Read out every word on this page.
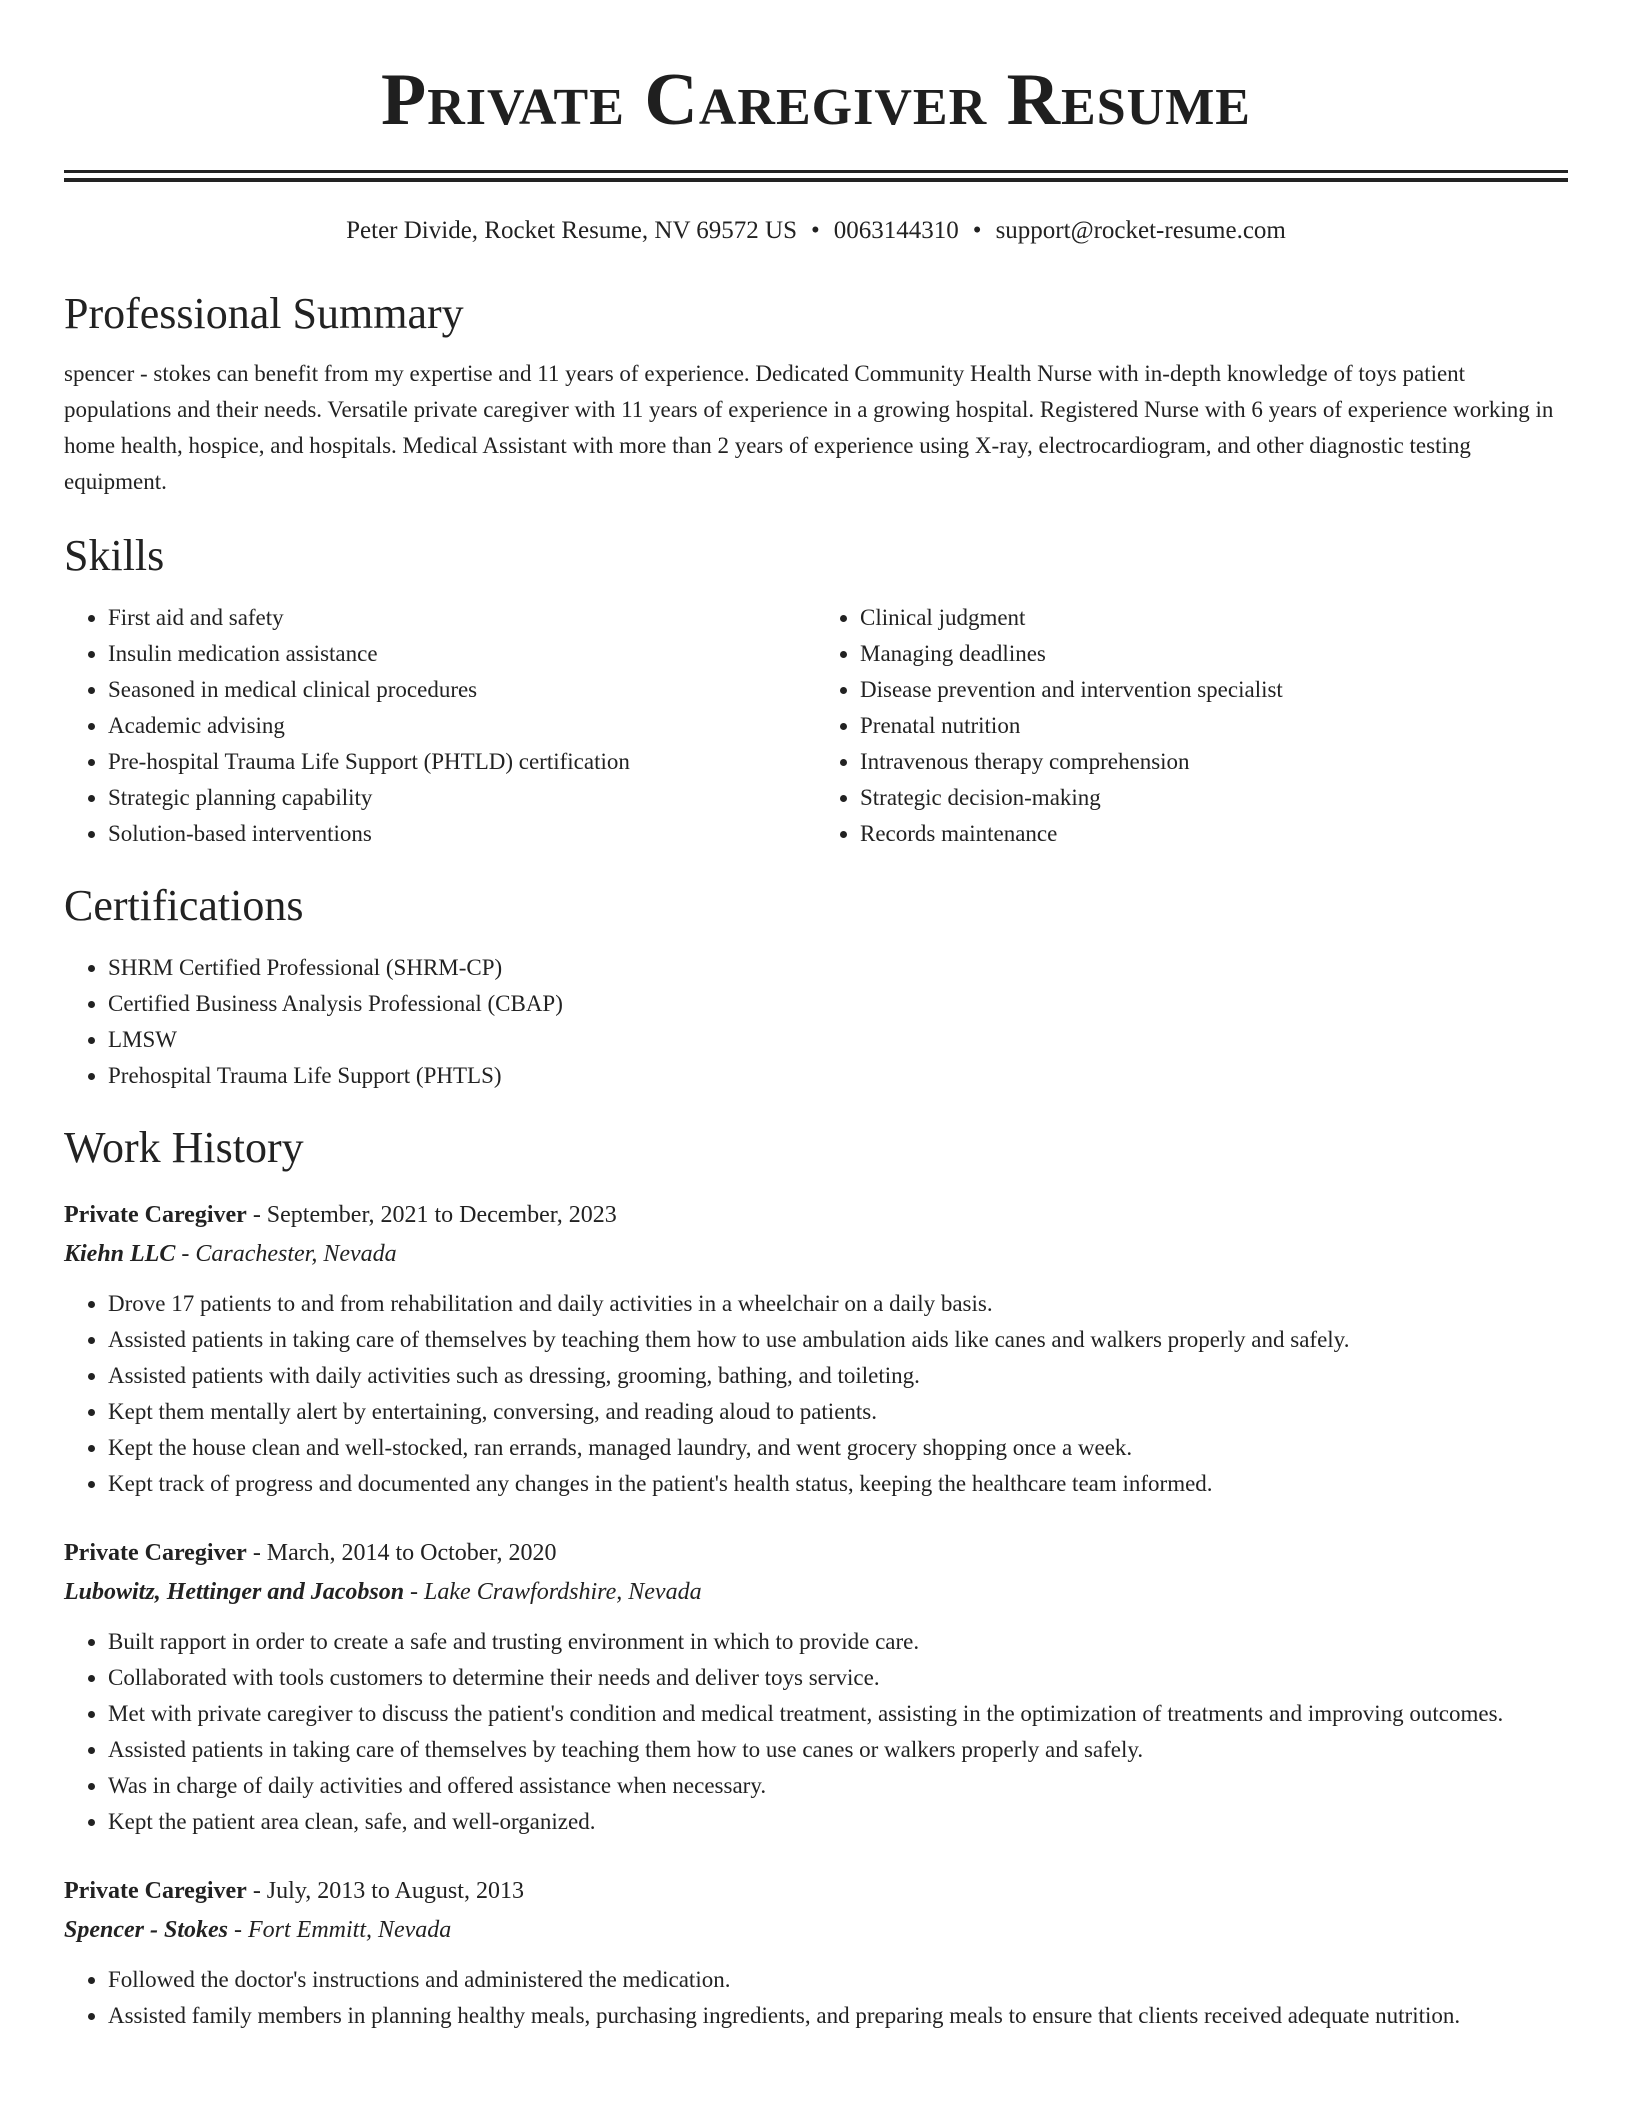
Private Caregiver Resume
Peter Divide, Rocket Resume, NV 69572 US • 0063144310 • support@rocket-resume.com
Professional Summary
spencer - stokes can benefit from my expertise and 11 years of experience. Dedicated Community Health Nurse with in-depth knowledge of toys patient populations and their needs. Versatile private caregiver with 11 years of experience in a growing hospital. Registered Nurse with 6 years of experience working in home health, hospice, and hospitals. Medical Assistant with more than 2 years of experience using X-ray, electrocardiogram, and other diagnostic testing equipment.
Skills
• First aid and safety
• Insulin medication assistance
• Seasoned in medical clinical procedures
• Academic advising
• Pre-hospital Trauma Life Support (PHTLD) certification
• Strategic planning capability
• Solution-based interventions
• Clinical judgment
• Managing deadlines
• Disease prevention and intervention specialist
• Prenatal nutrition
• Intravenous therapy comprehension
• Strategic decision-making
• Records maintenance
Certifications
• SHRM Certified Professional (SHRM-CP)
• Certified Business Analysis Professional (CBAP)
• LMSW
• Prehospital Trauma Life Support (PHTLS)
Work History
Private Caregiver - September, 2021 to December, 2023
Kiehn LLC - Carachester, Nevada
• Drove 17 patients to and from rehabilitation and daily activities in a wheelchair on a daily basis.
• Assisted patients in taking care of themselves by teaching them how to use ambulation aids like canes and walkers properly and safely.
• Assisted patients with daily activities such as dressing, grooming, bathing, and toileting.
• Kept them mentally alert by entertaining, conversing, and reading aloud to patients.
• Kept the house clean and well-stocked, ran errands, managed laundry, and went grocery shopping once a week.
• Kept track of progress and documented any changes in the patient's health status, keeping the healthcare team informed.
Private Caregiver - March, 2014 to October, 2020
Lubowitz, Hettinger and Jacobson - Lake Crawfordshire, Nevada
• Built rapport in order to create a safe and trusting environment in which to provide care.
• Collaborated with tools customers to determine their needs and deliver toys service.
• Met with private caregiver to discuss the patient's condition and medical treatment, assisting in the optimization of treatments and improving outcomes.
• Assisted patients in taking care of themselves by teaching them how to use canes or walkers properly and safely.
• Was in charge of daily activities and offered assistance when necessary.
• Kept the patient area clean, safe, and well-organized.
Private Caregiver - July, 2013 to August, 2013
Spencer - Stokes - Fort Emmitt, Nevada
• Followed the doctor's instructions and administered the medication.
• Assisted family members in planning healthy meals, purchasing ingredients, and preparing meals to ensure that clients received adequate nutrition.
